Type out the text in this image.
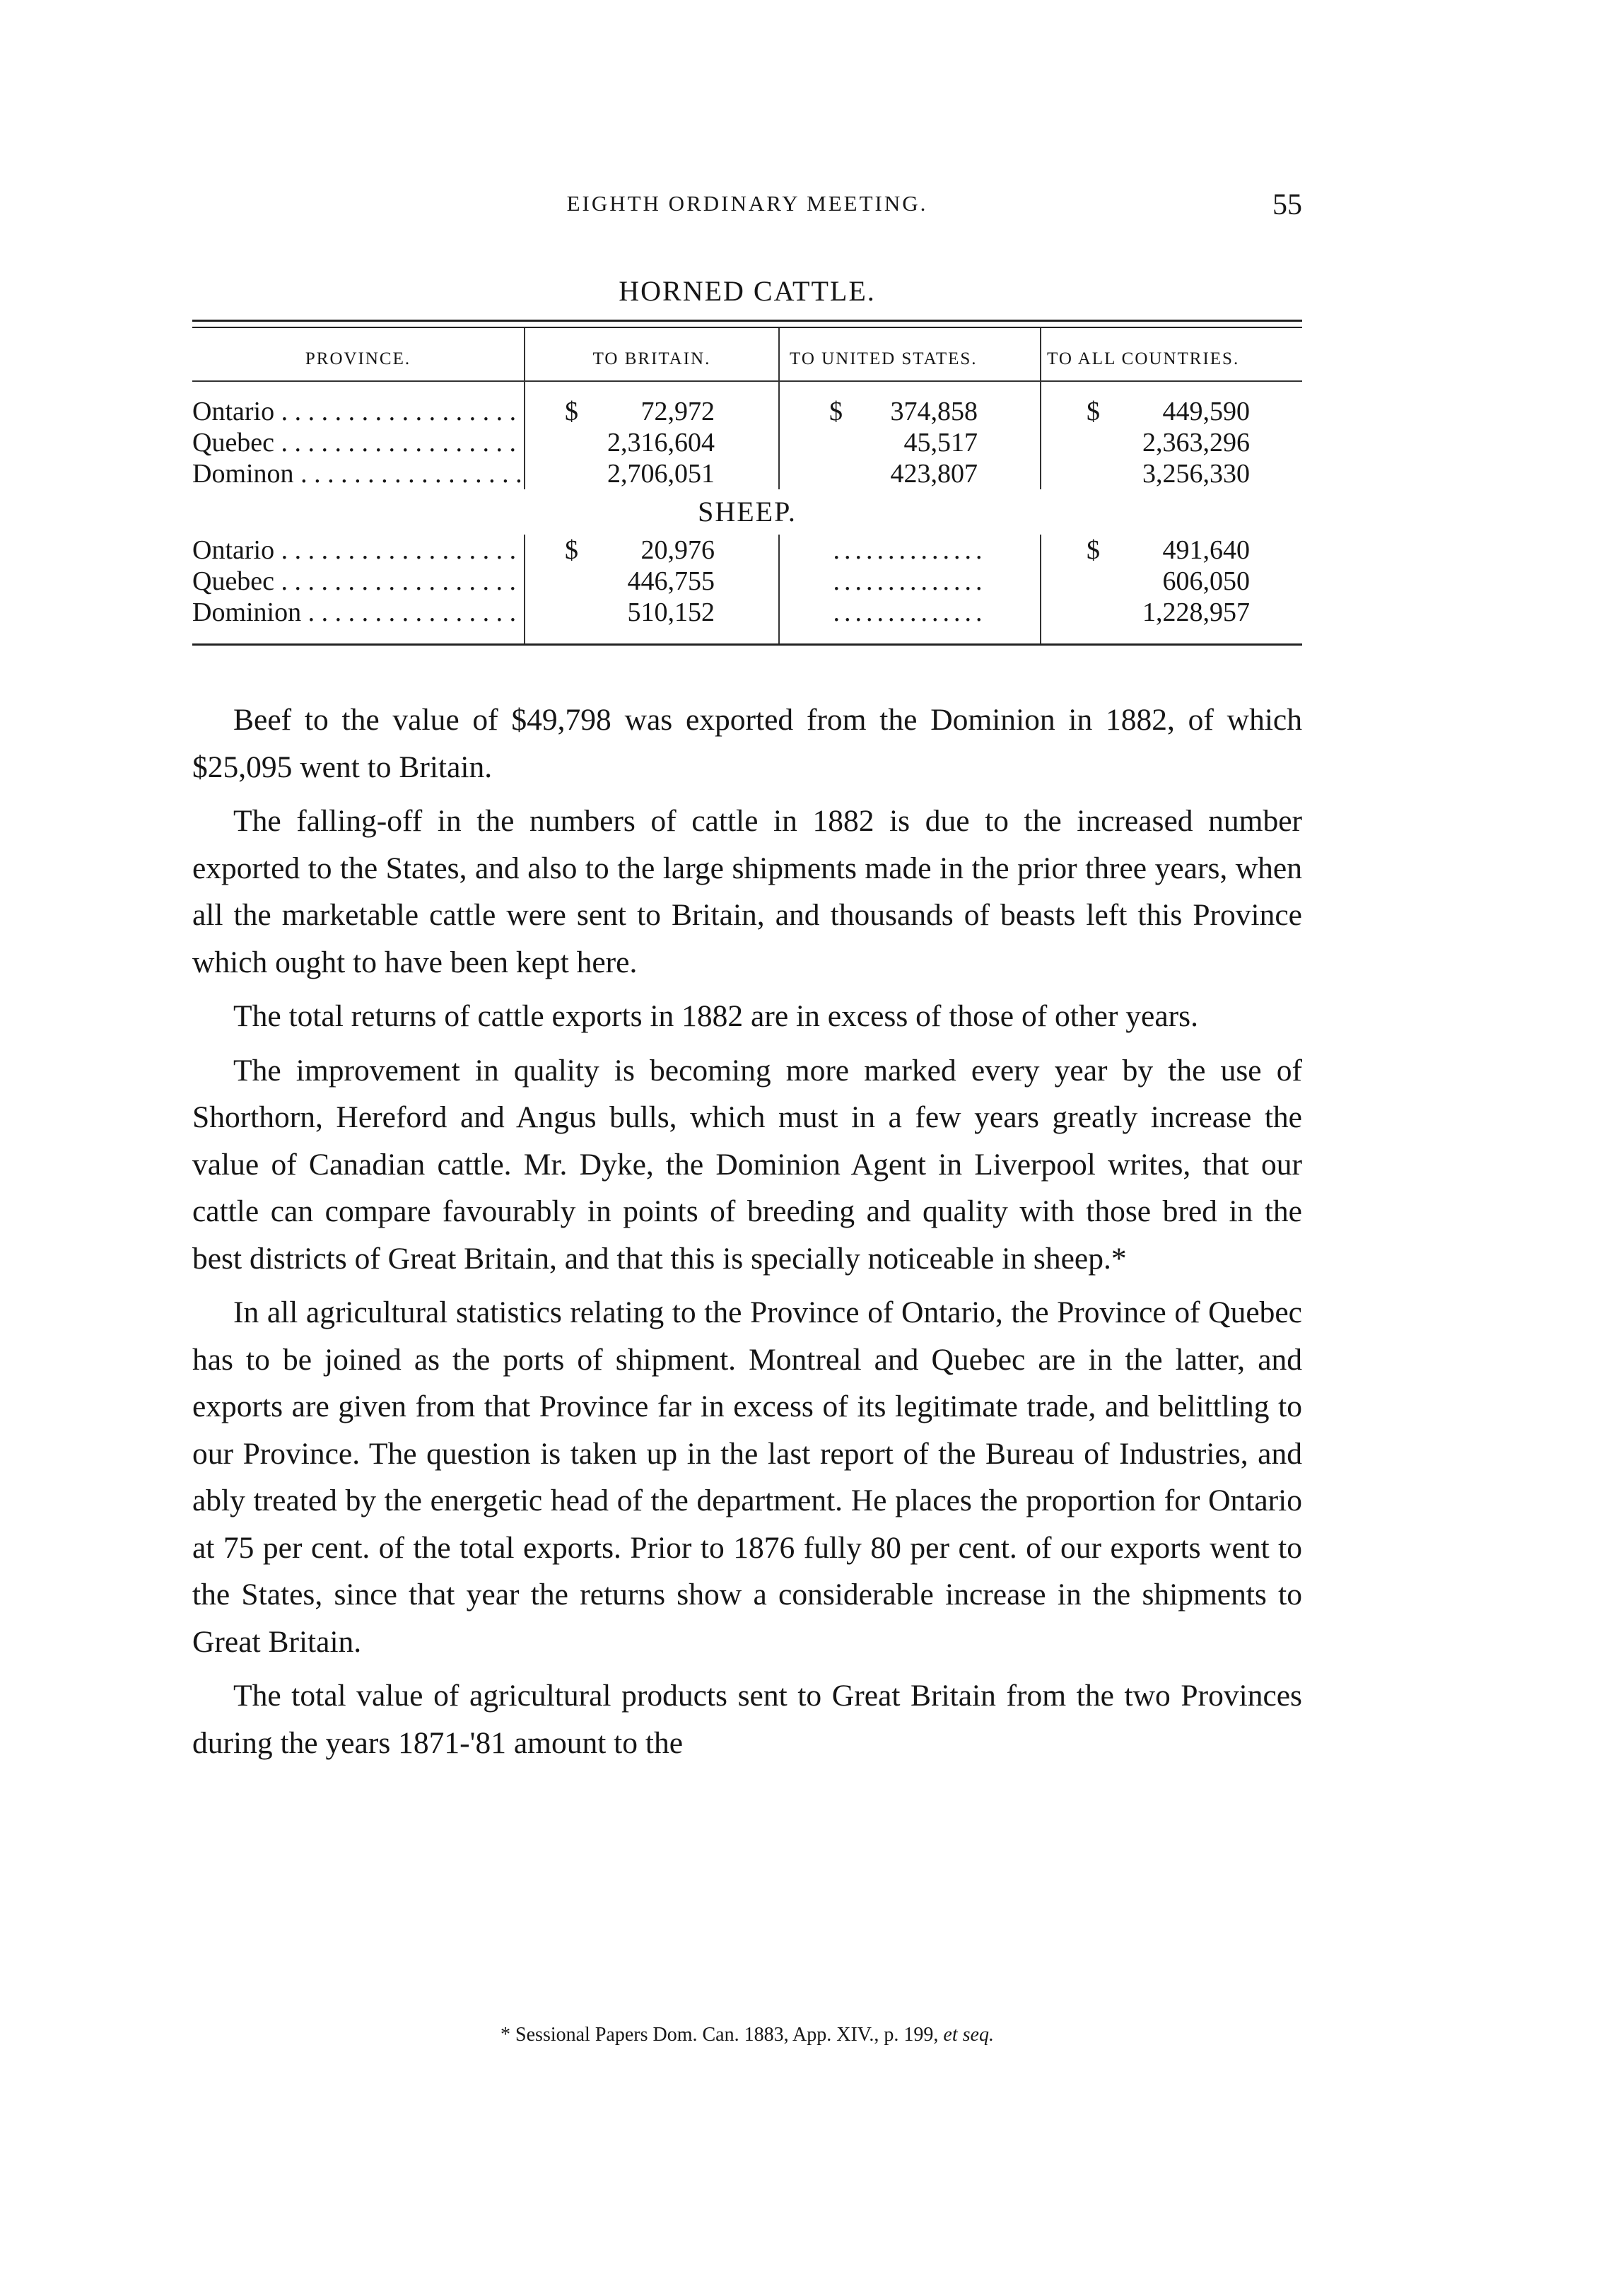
EIGHTH ORDINARY MEETING.	55
HORNED CATTLE.
PROVINCE.	TO BRITAIN.	TO UNITED STATES.	TO ALL COUNTRIES.
Ontario . . .	$ 72,972	$ 374,858	$ 449,590
Quebec . . .	2,316,604	45,517	2,363,296
Dominon . . .	2,706,051	423,807	3,256,330
SHEEP.			
Ontario . . .	$ 20,976	..............	$ 491,640
Quebec . . .	446,755	..............	606,050
Dominion . . .	510,152	..............	1,228,957

Beef to the value of $49,798 was exported from the Dominion in 1882, of which $25,095 went to Britain.

The falling-off in the numbers of cattle in 1882 is due to the increased number exported to the States, and also to the large shipments made in the prior three years, when all the marketable cattle were sent to Britain, and thousands of beasts left this Province which ought to have been kept here.

The total returns of cattle exports in 1882 are in excess of those of other years.

The improvement in quality is becoming more marked every year by the use of Shorthorn, Hereford and Angus bulls, which must in a few years greatly increase the value of Canadian cattle. Mr. Dyke, the Dominion Agent in Liverpool writes, that our cattle can compare favourably in points of breeding and quality with those bred in the best districts of Great Britain, and that this is specially noticeable in sheep.*

In all agricultural statistics relating to the Province of Ontario, the Province of Quebec has to be joined as the ports of shipment. Montreal and Quebec are in the latter, and exports are given from that Province far in excess of its legitimate trade, and belittling to our Province. The question is taken up in the last report of the Bureau of Industries, and ably treated by the energetic head of the department. He places the proportion for Ontario at 75 per cent. of the total exports. Prior to 1876 fully 80 per cent. of our exports went to the States, since that year the returns show a considerable increase in the shipments to Great Britain.

The total value of agricultural products sent to Great Britain from the two Provinces during the years 1871-'81 amount to the

* Sessional Papers Dom. Can. 1883, App. XIV., p. 199, et seq.
